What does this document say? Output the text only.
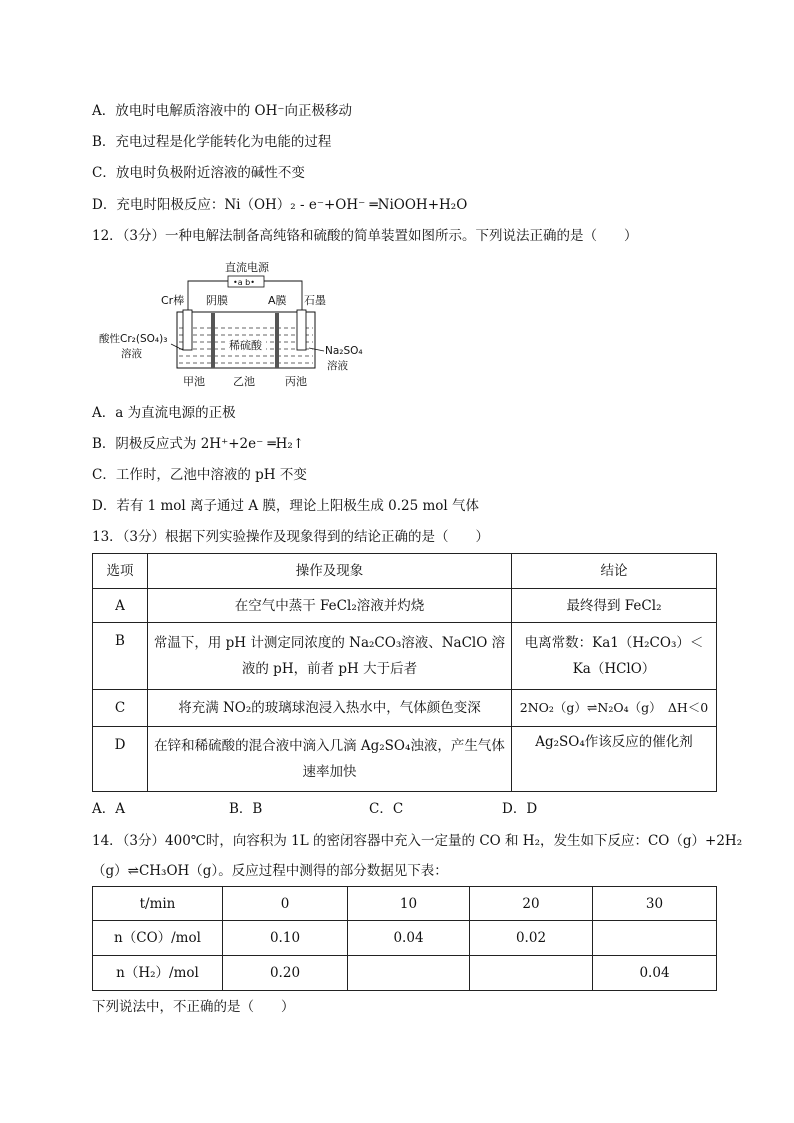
A．放电时电解质溶液中的 OH⁻向正极移动
B．充电过程是化学能转化为电能的过程
C．放电时负极附近溶液的碱性不变
D．充电时阳极反应：Ni（OH）₂ - e⁻+OH⁻ ═NiOOH+H₂O
12．（3分）一种电解法制备高纯铬和硫酸的简单装置如图所示。下列说法正确的是（　　）
直流电源
•a b•
Cr棒 阴膜	A膜 石墨
稀硫酸
酸性Cr₂(SO₄)₃
溶液	Na₂SO₄
溶液
甲池	乙池	丙池
A．a 为直流电源的正极
B．阴极反应式为 2H⁺+2e⁻ ═H₂↑
C．工作时，乙池中溶液的 pH 不变
D．若有 1 mol 离子通过 A 膜，理论上阳极生成 0.25 mol 气体
13．（3分）根据下列实验操作及现象得到的结论正确的是（　　）
选项	操作及现象	结论
A	在空气中蒸干 FeCl₂溶液并灼烧	最终得到 FeCl₂
B	常温下，用 pH 计测定同浓度的 Na₂CO₃溶液、NaClO 溶液的 pH，前者 pH 大于后者	电离常数：Ka1（H₂CO₃）＜Ka（HClO）
C	将充满 NO₂的玻璃球泡浸入热水中，气体颜色变深	2NO₂（g）⇌N₂O₄（g）　ΔH＜0
D	在锌和稀硫酸的混合液中滴入几滴 Ag₂SO₄浊液，产生气体速率加快	Ag₂SO₄作该反应的催化剂
A．A	B．B	C．C	D．D
14．（3分）400℃时，向容积为 1L 的密闭容器中充入一定量的 CO 和 H₂，发生如下反应：CO（g）+2H₂
（g）⇌CH₃OH（g）。反应过程中测得的部分数据见下表：
t/min	0	10	20	30
n（CO）/mol	0.10	0.04	0.02	
n（H₂）/mol	0.20			0.04
下列说法中，不正确的是（　　）
